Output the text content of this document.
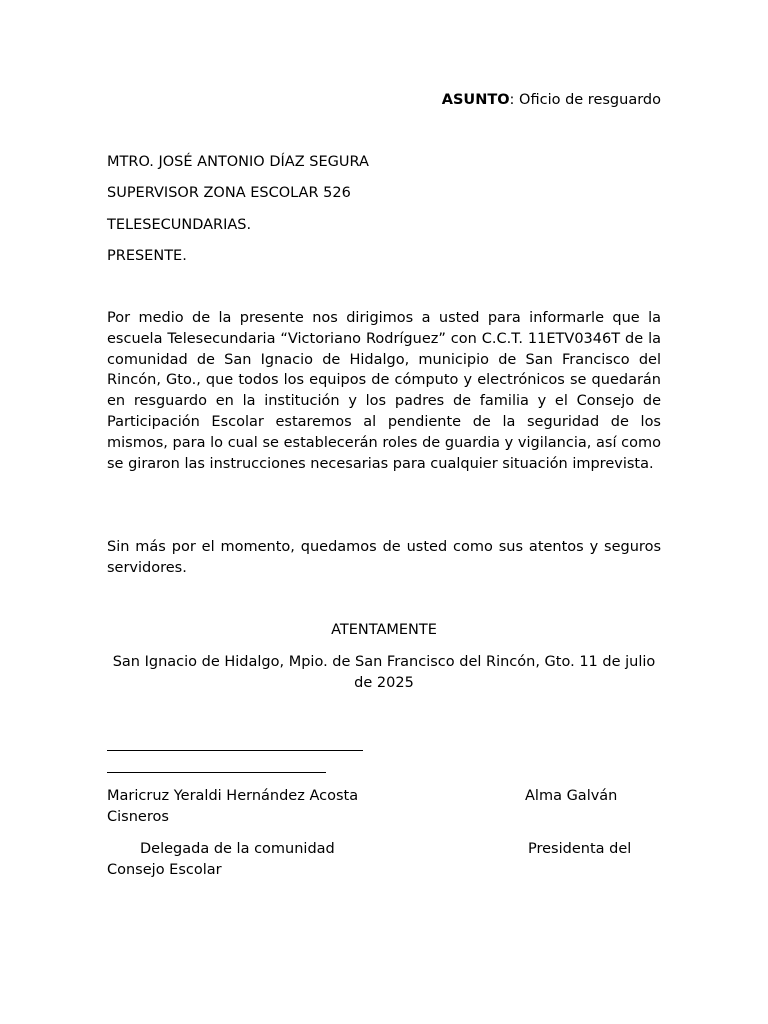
ASUNTO: Oficio de resguardo

MTRO. JOSÉ ANTONIO DÍAZ SEGURA

SUPERVISOR ZONA ESCOLAR 526

TELESECUNDARIAS.

PRESENTE.

Por medio de la presente nos dirigimos a usted para informarle que la escuela Telesecundaria “Victoriano Rodríguez” con C.C.T. 11ETV0346T de la comunidad de San Ignacio de Hidalgo, municipio de San Francisco del Rincón, Gto., que todos los equipos de cómputo y electrónicos se quedarán en resguardo en la institución y los padres de familia y el Consejo de Participación Escolar estaremos al pendiente de la seguridad de los mismos, para lo cual se establecerán roles de guardia y vigilancia, así como se giraron las instrucciones necesarias para cualquier situación imprevista.

Sin más por el momento, quedamos de usted como sus atentos y seguros servidores.

ATENTAMENTE

San Ignacio de Hidalgo, Mpio. de San Francisco del Rincón, Gto. 11 de julio de 2025

Maricruz Yeraldi Hernández Acosta	Alma Galván
Cisneros
Delegada de la comunidad	Presidenta del
Consejo Escolar
